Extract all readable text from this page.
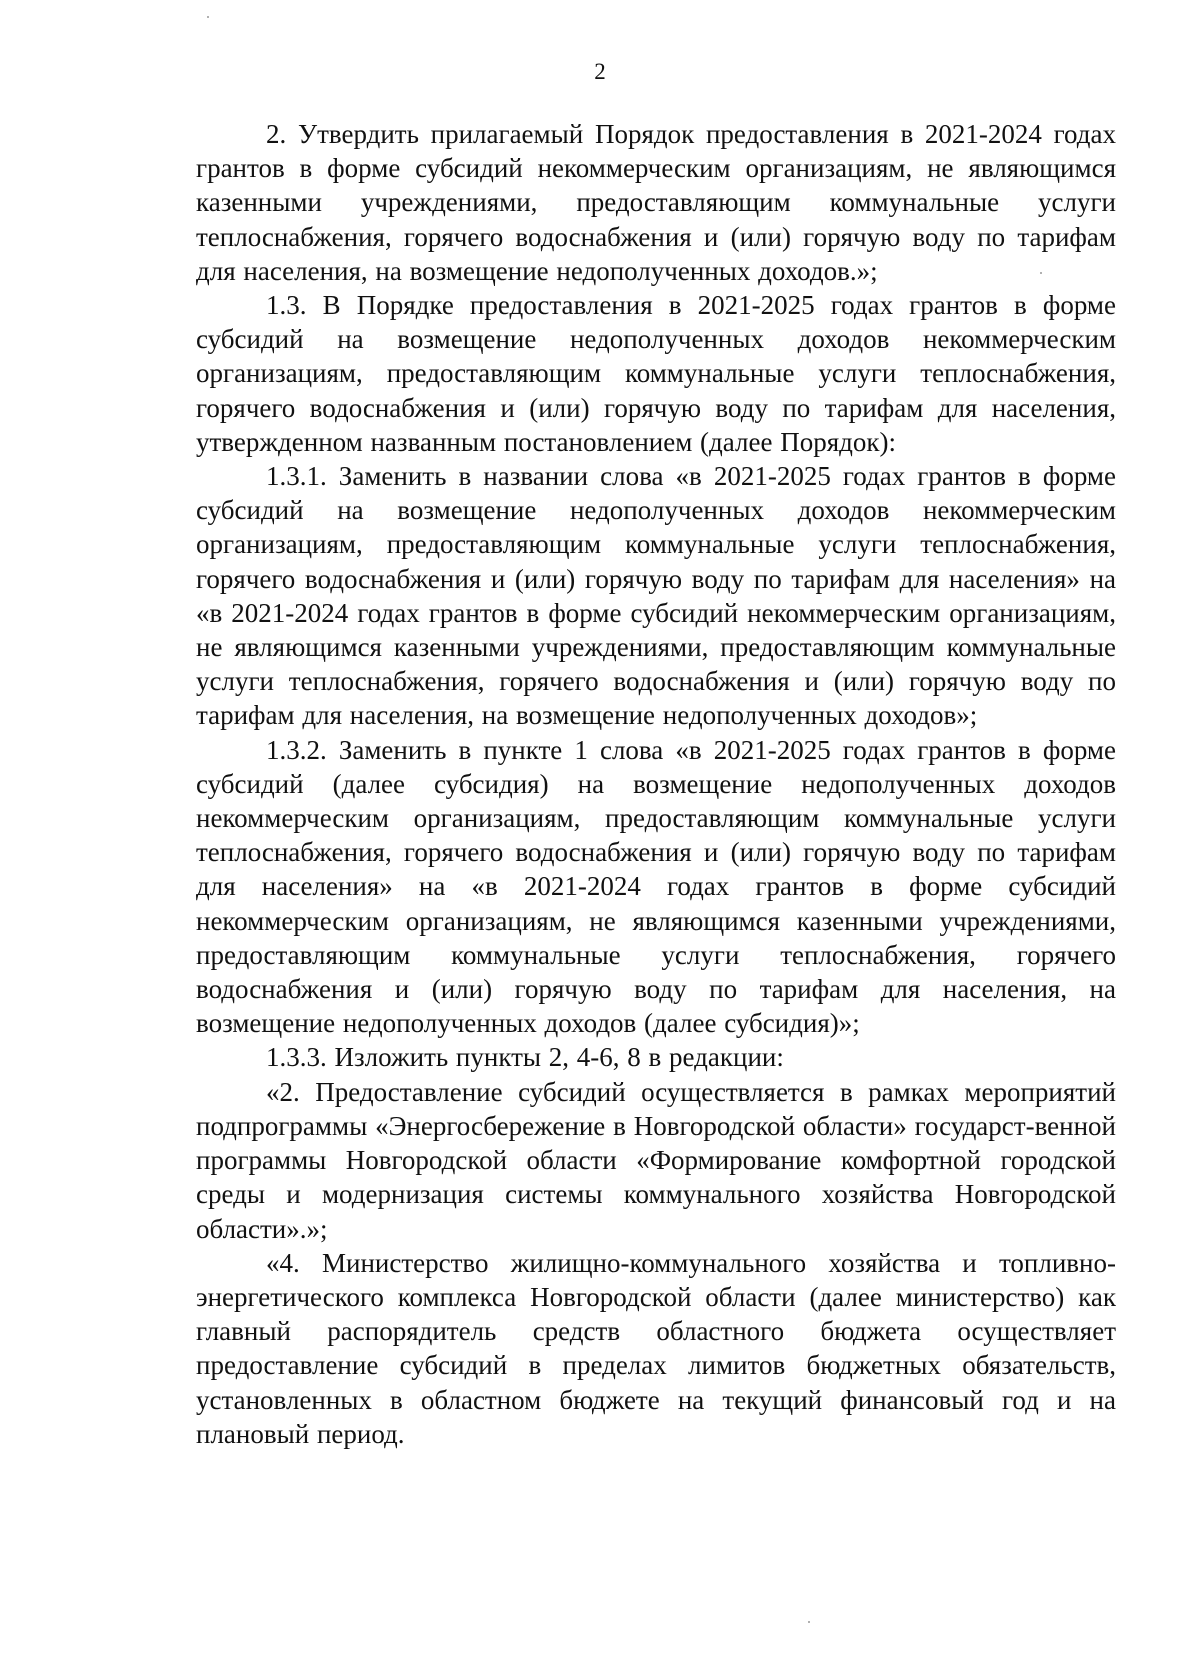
2

2. Утвердить прилагаемый Порядок предоставления в 2021-2024 годах грантов в форме субсидий некоммерческим организациям, не являющимся казенными учреждениями, предоставляющим коммунальные услуги теплоснабжения, горячего водоснабжения и (или) горячую воду по тарифам для населения, на возмещение недополученных доходов.»;

1.3. В Порядке предоставления в 2021-2025 годах грантов в форме субсидий на возмещение недополученных доходов некоммерческим организациям, предоставляющим коммунальные услуги теплоснабжения, горячего водоснабжения и (или) горячую воду по тарифам для населения, утвержденном названным постановлением (далее Порядок):

1.3.1. Заменить в названии слова «в 2021-2025 годах грантов в форме субсидий на возмещение недополученных доходов некоммерческим организациям, предоставляющим коммунальные услуги теплоснабжения, горячего водоснабжения и (или) горячую воду по тарифам для населения» на «в 2021-2024 годах грантов в форме субсидий некоммерческим организациям, не являющимся казенными учреждениями, предоставляющим коммунальные услуги теплоснабжения, горячего водоснабжения и (или) горячую воду по тарифам для населения, на возмещение недополученных доходов»;

1.3.2. Заменить в пункте 1 слова «в 2021-2025 годах грантов в форме субсидий (далее субсидия) на возмещение недополученных доходов некоммерческим организациям, предоставляющим коммунальные услуги теплоснабжения, горячего водоснабжения и (или) горячую воду по тарифам для населения» на «в 2021-2024 годах грантов в форме субсидий некоммерческим организациям, не являющимся казенными учреждениями, предоставляющим коммунальные услуги теплоснабжения, горячего водоснабжения и (или) горячую воду по тарифам для населения, на возмещение недополученных доходов (далее субсидия)»;

1.3.3. Изложить пункты 2, 4-6, 8 в редакции:

«2. Предоставление субсидий осуществляется в рамках мероприятий подпрограммы «Энергосбережение в Новгородской области» государст-венной программы Новгородской области «Формирование комфортной городской среды и модернизация системы коммунального хозяйства Новгородской области».»;

«4. Министерство жилищно-коммунального хозяйства и топливно-энергетического комплекса Новгородской области (далее министерство) как главный распорядитель средств областного бюджета осуществляет предоставление субсидий в пределах лимитов бюджетных обязательств, установленных в областном бюджете на текущий финансовый год и на плановый период.
